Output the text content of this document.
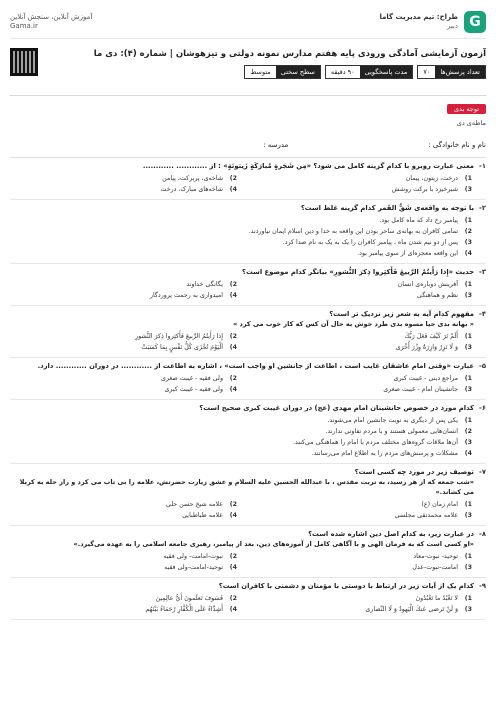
G
طراح: تیم مدیریت گاما
دبیر
آموزش آنلاین، سنجش آنلاین
Gama.ir
آزمون آزمایشی آمادگی ورودی پایه هفتم مدارس نمونه دولتی و تیزهوشان | شماره (۴): دی ما
تعداد پرسش‌ها
۷۰
مدت پاسخگویی
۹۰ دقیقه
سطح سختی
متوسط
توجه بدی
ماطه‌ی دی
نام و نام خانوادگی :
مدرسه :
۱-
معنی عبارت روبرو با کدام گزینه کامل می شود؟ «مِن شَجَرةٍ مُبارَكَةٍ زَيتونَةٍ» : از ............ ............
1)
درخت، زیتون، پیمان
2)
شاخه‌ی، پربرکت، پیامن
3)
شیرخیزد با برکت روشش
4)
شاخه‌های مبارک، درخت
۲-
با توجه به واقعه‌ی شَقُّ القَمر کدام گزینه غلط است؟
1)
پیامبر رخ داد که ماه کامل بود.
2)
تمامی کافران به بهانه‌ی ساحر بودن این واقعه به خدا و دین اسلام ایمان نیاوردند.
3)
پس از دو نیم شدن ماه ، پیامبر کافران را یک به یک به نام صدا کرد.
4)
این واقعه معجزه‌ای از سوی پیامبر بود.
۳-
حدیث «إِذا رَأَيتُمُ الرَّبيعَ فَأَكثِروا ذِكرَ النُّشورِ» بیانگر کدام موضوع است؟
1)
آفرینش دوباره‌ی انسان
2)
یگانگی خداوند
3)
نظم و هماهنگی
4)
امیدواری به رحمت پروردگار
۴-
مفهوم کدام آیه به شعر زیر نزدیک تر است؟
« بهانه بدی حیا مسوه بدی طرد خوش به حال آن کس که کار خوب می کرد »
1)
أَلَمْ تَرَ كَيْفَ فَعَلَ رَبُّكَ
2)
إِذا رَأَيتُمُ الرَّبيعَ فَأَكثِروا ذِكرَ النُّشورِ
3)
وَ لَا تَزِرُ وَازِرَةٌ وِزْرَ أُخْرَى
4)
اَلْيَوْمَ تُجْزَى كُلُّ نَفْسٍ بِمَا كَسَبَتْ
۵-
عبارت «وقتی امام عاشقان غایب است ، اطاعت از جانشین او واجب است» ، اشاره به اطاعت از ............ در دوران ............ دارد.
1)
مراجع دینی - غیبت کبری
2)
ولی فقیه - غیبت صغری
3)
جانشینان امام - غیبت صغری
4)
ولی فقیه - غیبت کبری
۶-
کدام مورد در خصوص جانشینان امام مهدی (عج) در دوران غیبت کبری صحیح است؟
1)
یکی پس از دیگری به نوبت جانشین امام می‌شوند.
2)
انسان‌هایی معمولی هستند و با مردم تفاوتی ندارند.
3)
آن‌ها ملاقات گروه‌های مختلف مردم با امام را هماهنگی می‌کنند.
4)
مشکلات و پرسش‌های مردم را به اطلاع امام می‌رسانند.
۷-
توصیف زیر در مورد چه کسی است؟
«شب جمعه که از هر رسید، به تربت مقدس ، با عبدالله الحسین علیه السلام و عشق زیارت حضرتش، علامه را بی تاب می کرد و راز حله به کربلا می کشاند.»
1)
امام زمان (ع)
2)
علامه شیخ حسن حلی
3)
علامه محمدتقی مجلسی
4)
علامه طباطبایی
۸-
در عبارت زیر، به کدام اصل دین اشاره شده است؟
«او کسی است که به فرمان الهی و با آگاهی کامل از آموزه‌های دین، بعد از پیامبر، رهبری جامعه اسلامی را به عهده می‌گیرد.»
1)
توحید- نبوت-معاد
2)
نبوت-امامت- ولی فقیه
3)
امامت-نبوت-عدل
4)
توحید-امامت-ولی فقیه
۹-
کدام یک از آیات زیر در ارتباط با دوستی با مؤمنان و دشمنی با کافران است؟
1)
لا تَعْبُدُ ما تَعْبُدُونَ
2)
فَسَوفَ تَعلَمونَ أَيُّ عالِمِينَ
3)
وَ لَنْ تَرضى عَنكَ الْيَهودُ وَ لَا النَّصارى
4)
أَشِدَّاءُ عَلَى الْكُفَّارِ رُحَمَاءُ بَيْنَهُم
